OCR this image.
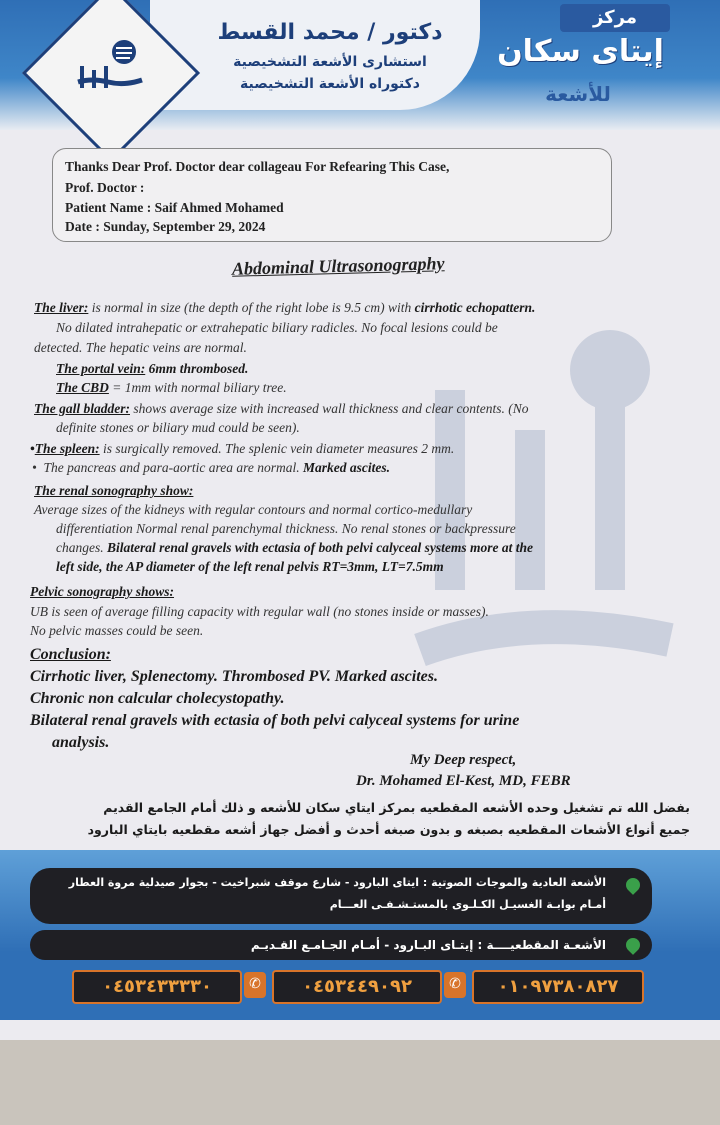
دكتور / محمد القسط
استشارى الأشعة التشخيصية
دكتوراه الأشعة التشخيصية
مركز
إيتاى سكان
للأشعة
Thanks Dear Prof. Doctor dear collageau For Refearing This Case,
Prof. Doctor :
Patient Name : Saif Ahmed Mohamed
Date : Sunday, September 29, 2024
Abdominal Ultrasonography
The liver: is normal in size (the depth of the right lobe is 9.5 cm) with cirrhotic echopattern.
No dilated intrahepatic or extrahepatic biliary radicles. No focal lesions could be
detected. The hepatic veins are normal.
The portal vein: 6mm thrombosed.
The CBD = 1mm with normal biliary tree.
The gall bladder: shows average size with increased wall thickness and clear contents. (No
definite stones or biliary mud could be seen).
•The spleen: is surgically removed. The splenic vein diameter measures 2 mm.
•  The pancreas and para-aortic area are normal. Marked ascites.
The renal sonography show:
Average sizes of the kidneys with regular contours and normal cortico-medullary
differentiation Normal renal parenchymal thickness. No renal stones or backpressure
changes. Bilateral renal gravels with ectasia of both pelvi calyceal systems more at the
left side, the AP diameter of the left renal pelvis RT=3mm, LT=7.5mm
Pelvic sonography shows:
UB is seen of average filling capacity with regular wall (no stones inside or masses).
No pelvic masses could be seen.
Conclusion:
Cirrhotic liver, Splenectomy. Thrombosed PV. Marked ascites.
Chronic non calcular cholecystopathy.
Bilateral renal gravels with ectasia of both pelvi calyceal systems for urine
analysis.
My Deep respect,
Dr. Mohamed El-Kest, MD, FEBR
بفضل الله تم تشغيل وحده الأشعه المقطعيه بمركز ايتاي سكان للأشعه و ذلك أمام الجامع القديم
جميع أنواع الأشعات المقطعيه بصبغه و بدون صبغه أحدث و أفضل جهاز أشعه مقطعيه بايتاي البارود
الأشعة العادية والموجات الصوتية : ايتاى البارود - شارع موقف شبراخيت - بجوار صيدلية مروة العطار
أمـام بوابـة الغسيـل الكـلـوى بالمستـشـفـى العـــام
الأشعـة المقطعيــــة : إيتـاى البـارود - أمـام الجـامـع القـديـم
٠٤٥٣٤٣٣٣٣٠	✆	٠٤٥٣٤٤٩٠٩٢	✆	٠١٠٩٧٣٨٠٨٢٧
